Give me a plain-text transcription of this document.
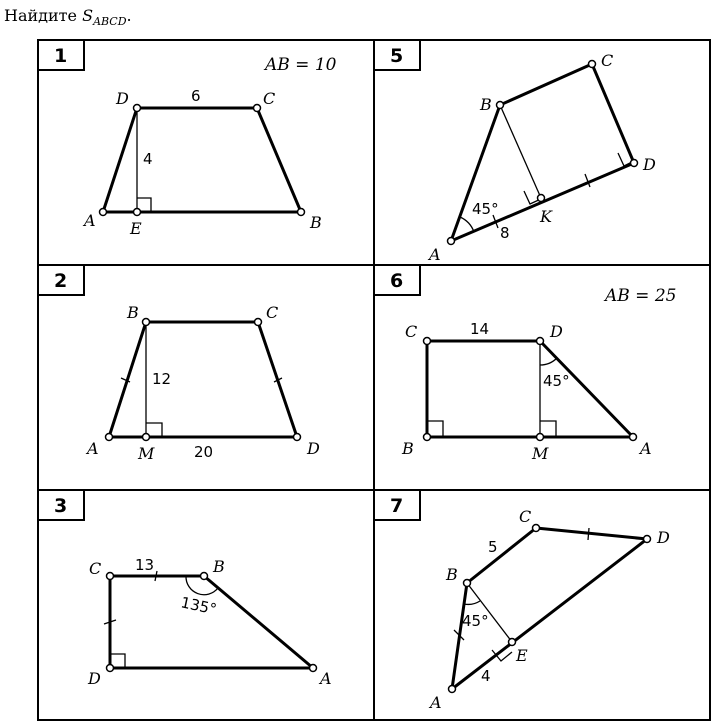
Найдите $S_{ABCD}$.
1	AB = 10
A
D	C
B
E
6
4
5
A
B
C
D
K
45°
8
2
A
B	C
D
M
12
20
6
AB = 25
C	D
A
B	M
14
45°
3
C	B
A
D
13
135°
7
A
B
C
D
E
5
45°
4
